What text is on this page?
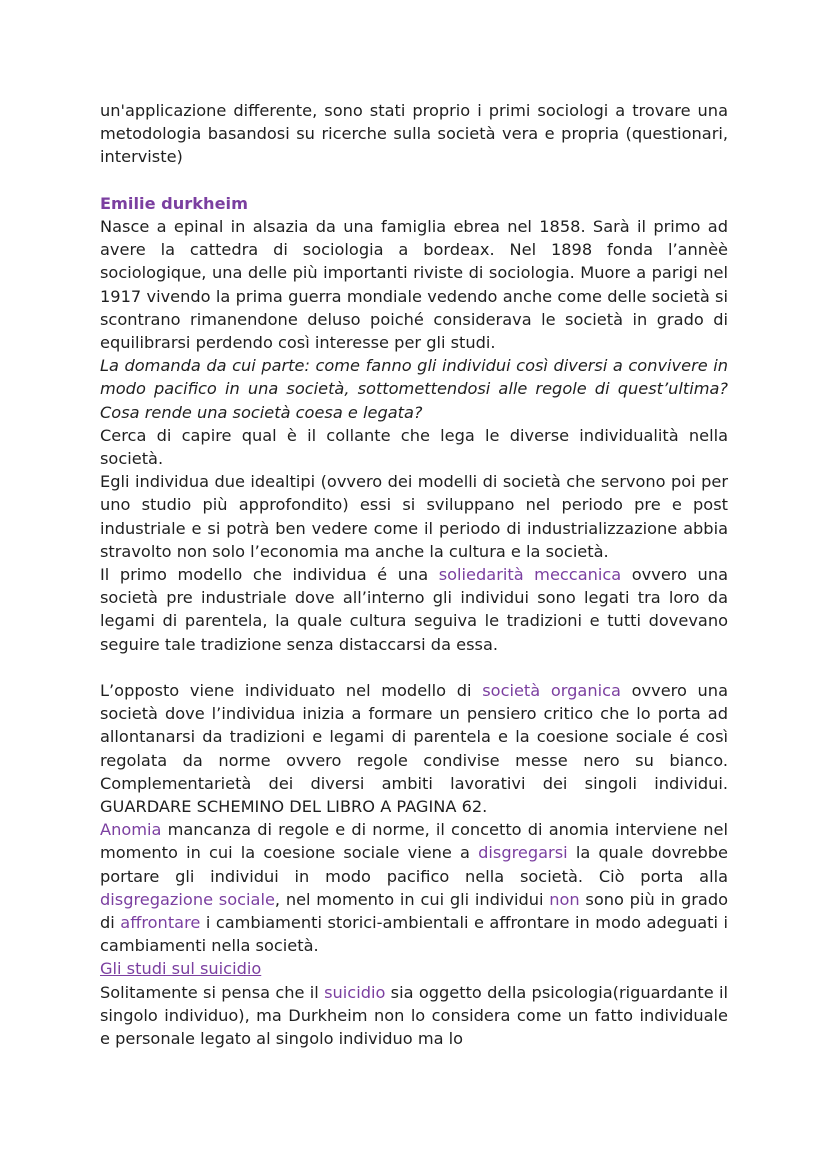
un'applicazione differente, sono stati proprio i primi sociologi a trovare una metodologia basandosi su ricerche sulla società vera e propria (questionari, interviste)

Emilie durkheim

Nasce a epinal in alsazia da una famiglia ebrea nel 1858. Sarà il primo ad avere la cattedra di sociologia a bordeax. Nel 1898 fonda l’annèè sociologique, una delle più importanti riviste di sociologia. Muore a parigi nel 1917 vivendo la prima guerra mondiale vedendo anche come delle società si scontrano rimanendone deluso poiché considerava le società in grado di equilibrarsi perdendo così interesse per gli studi.

La domanda da cui parte: come fanno gli individui così diversi a convivere in modo pacifico in una società, sottomettendosi alle regole di quest’ultima? Cosa rende una società coesa e legata?

Cerca di capire qual è il collante che lega le diverse individualità nella società.

Egli individua due idealtipi (ovvero dei modelli di società che servono poi per uno studio più approfondito) essi si sviluppano nel periodo pre e post industriale e si potrà ben vedere come il periodo di industrializzazione abbia stravolto non solo l’economia ma anche la cultura e la società.

Il primo modello che individua é una soliedarità meccanica ovvero una società pre industriale dove all’interno gli individui sono legati tra loro da legami di parentela, la quale cultura seguiva le tradizioni e tutti dovevano seguire tale tradizione senza distaccarsi da essa.

L’opposto viene individuato nel modello di società organica ovvero una società dove l’individua inizia a formare un pensiero critico che lo porta ad allontanarsi da tradizioni e legami di parentela e la coesione sociale é così regolata da norme ovvero regole condivise messe nero su bianco. Complementarietà dei diversi ambiti lavorativi dei singoli individui. GUARDARE SCHEMINO DEL LIBRO A PAGINA 62.

Anomia mancanza di regole e di norme, il concetto di anomia interviene nel momento in cui la coesione sociale viene a disgregarsi la quale dovrebbe portare gli individui in modo pacifico nella società. Ciò porta alla disgregazione sociale, nel momento in cui gli individui non sono più in grado di affrontare i cambiamenti storici-ambientali e affrontare in modo adeguati i cambiamenti nella società.

Gli studi sul suicidio

Solitamente si pensa che il suicidio sia oggetto della psicologia(riguardante il singolo individuo), ma Durkheim non lo considera come un fatto individuale e personale legato al singolo individuo ma lo
